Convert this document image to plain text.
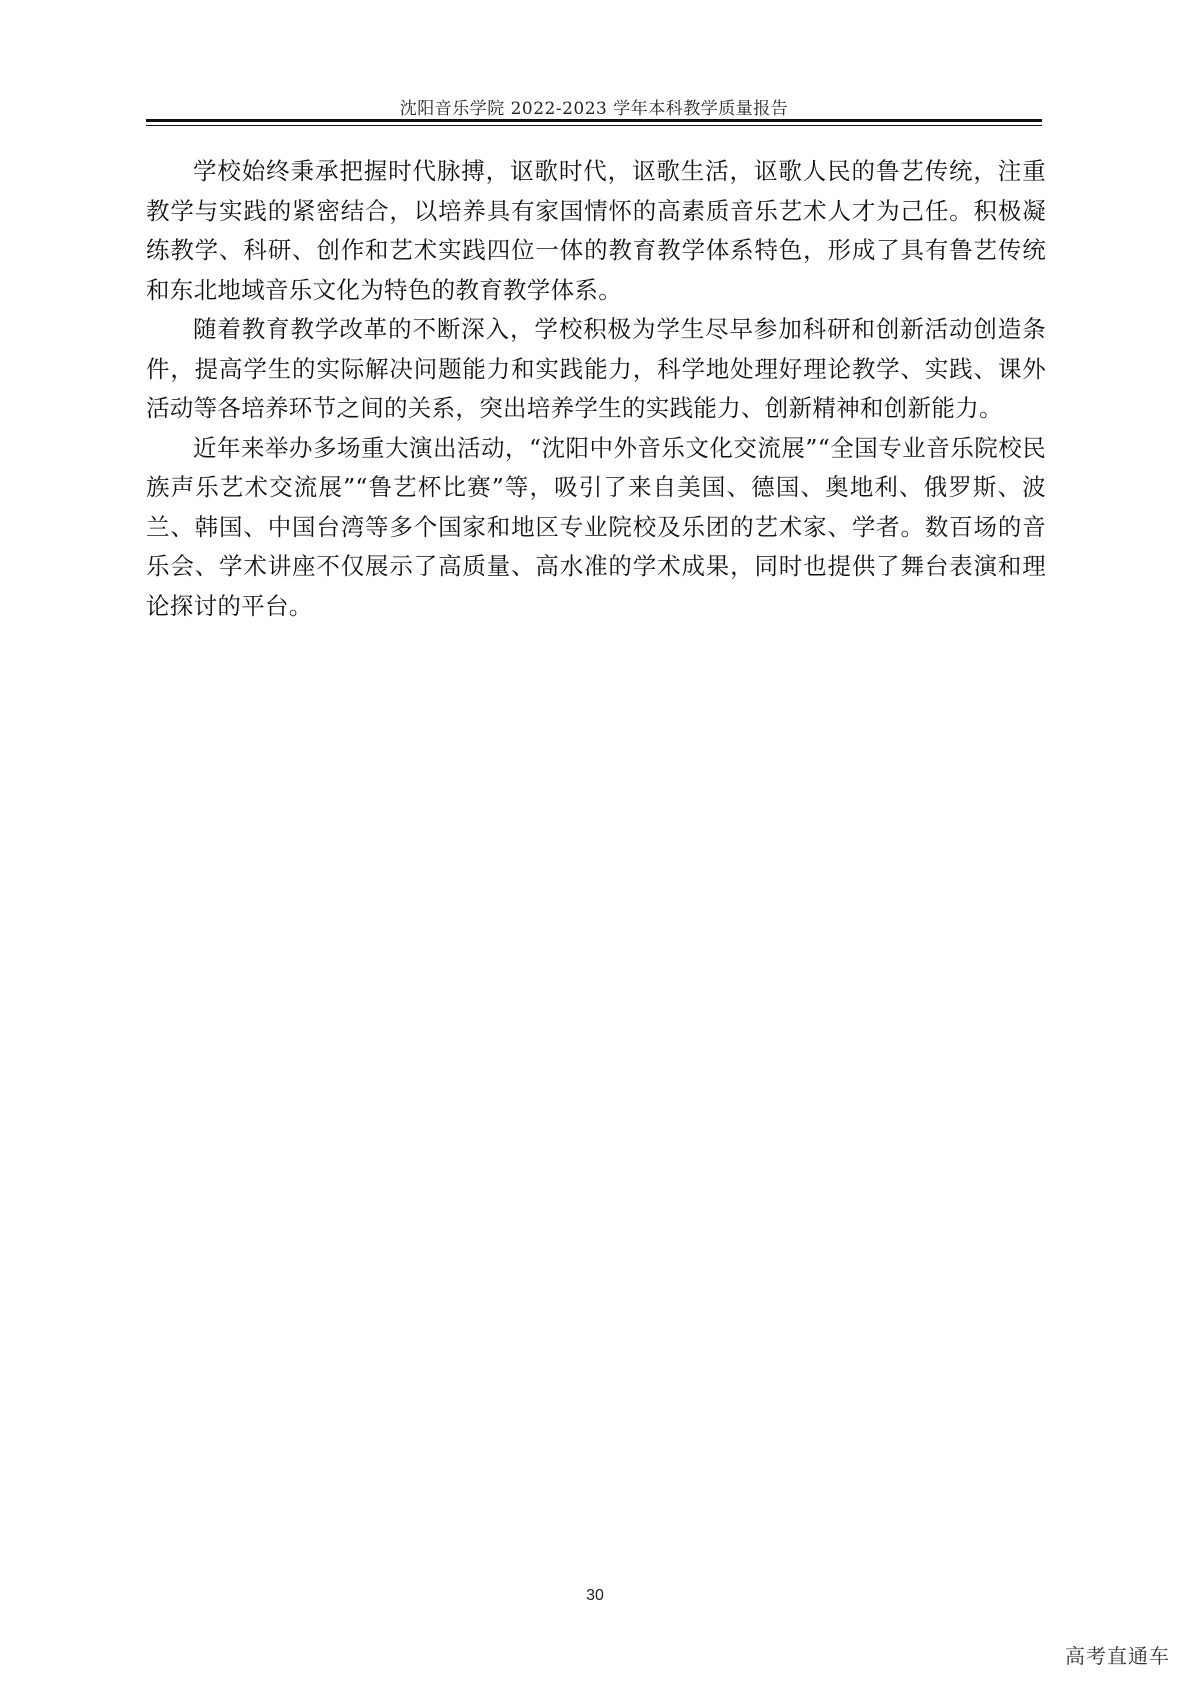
沈阳音乐学院 2022-2023 学年本科教学质量报告

学校始终秉承把握时代脉搏，讴歌时代，讴歌生活，讴歌人民的鲁艺传统，注重教学与实践的紧密结合，以培养具有家国情怀的高素质音乐艺术人才为己任。积极凝练教学、科研、创作和艺术实践四位一体的教育教学体系特色，形成了具有鲁艺传统和东北地域音乐文化为特色的教育教学体系。

随着教育教学改革的不断深入，学校积极为学生尽早参加科研和创新活动创造条件，提高学生的实际解决问题能力和实践能力，科学地处理好理论教学、实践、课外活动等各培养环节之间的关系，突出培养学生的实践能力、创新精神和创新能力。

近年来举办多场重大演出活动，“沈阳中外音乐文化交流展”“全国专业音乐院校民族声乐艺术交流展”“鲁艺杯比赛”等，吸引了来自美国、德国、奥地利、俄罗斯、波兰、韩国、中国台湾等多个国家和地区专业院校及乐团的艺术家、学者。数百场的音乐会、学术讲座不仅展示了高质量、高水准的学术成果，同时也提供了舞台表演和理论探讨的平台。

30
高考直通车
